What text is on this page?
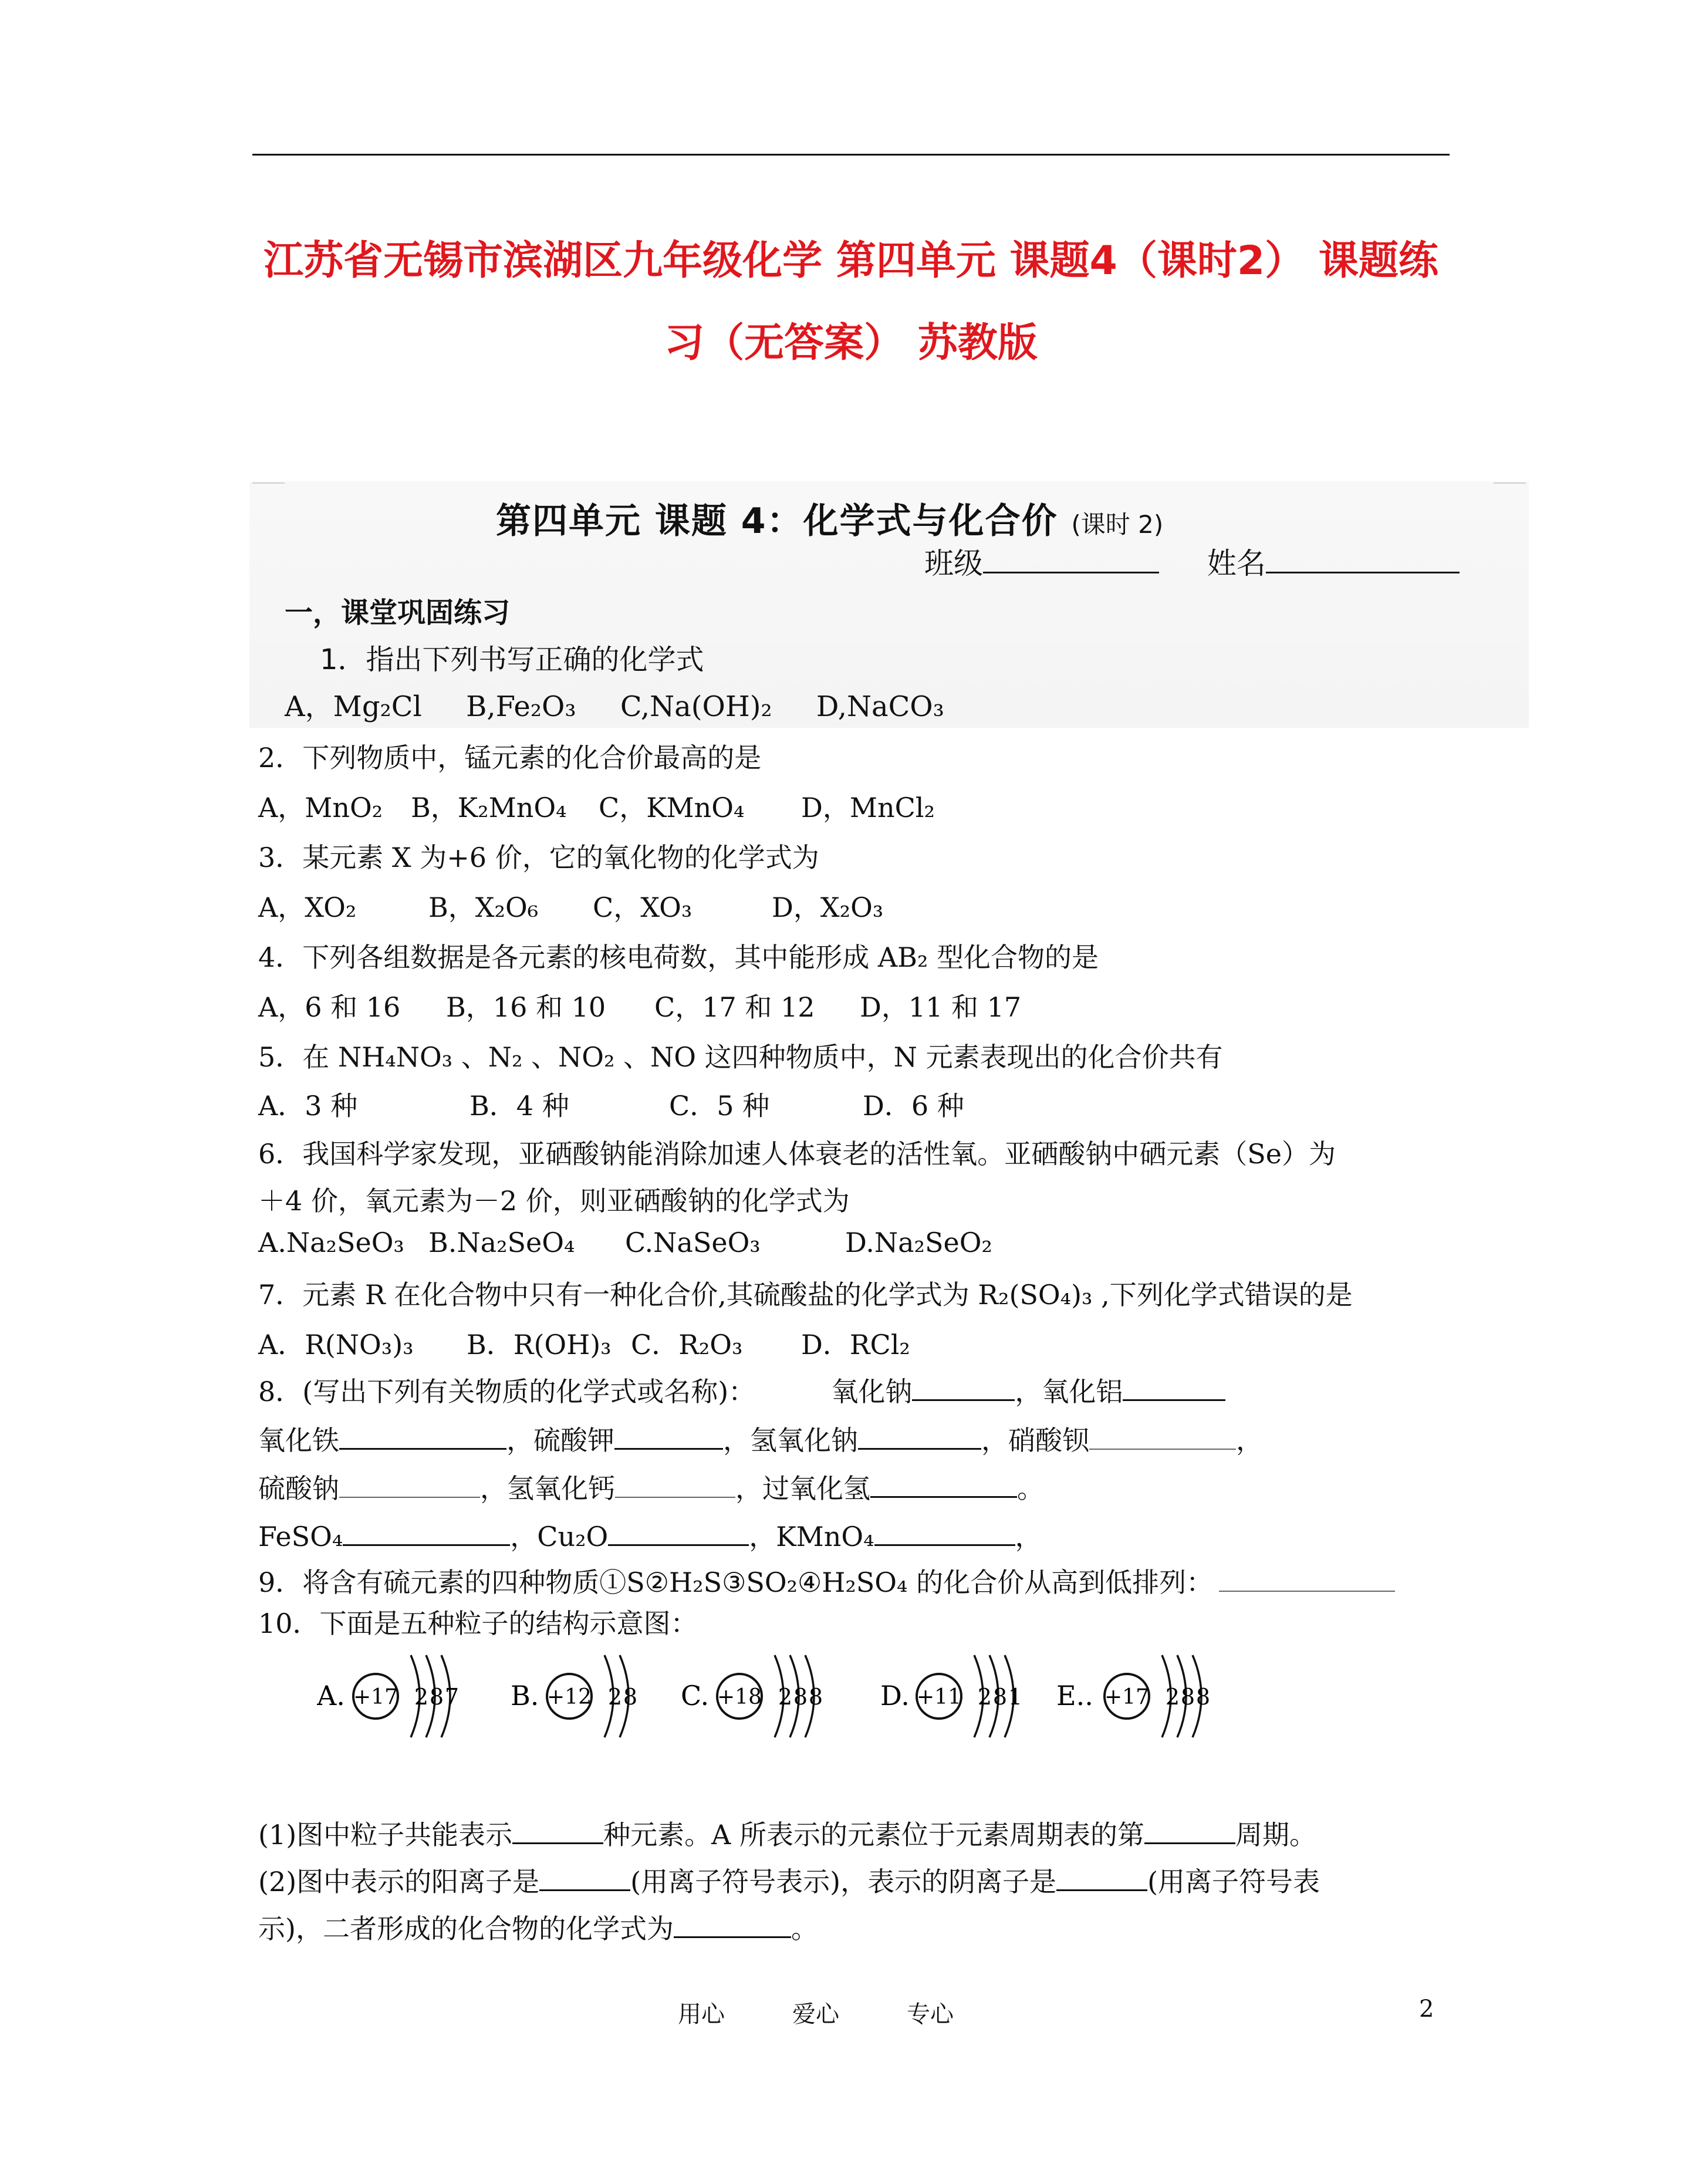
江苏省无锡市滨湖区九年级化学 第四单元 课题4（课时2） 课题练
习（无答案） 苏教版
第四单元 课题 4：化学式与化合价 (课时 2)
班级	姓名
一，课堂巩固练习
1．指出下列书写正确的化学式
A，Mg₂Cl B,Fe₂O₃ C,Na(OH)₂ D,NaCO₃
2．下列物质中，锰元素的化合价最高的是
A，MnO₂ B，K₂MnO₄ C，KMnO₄ D，MnCl₂
3．某元素 X 为+6 价，它的氧化物的化学式为
A，XO₂	B，X₂O₆ C，XO₃	D，X₂O₃
4．下列各组数据是各元素的核电荷数，其中能形成 AB₂ 型化合物的是
A，6 和 16 B，16 和 10 C，17 和 12 D，11 和 17
5．在 NH₄NO₃ 、N₂ 、NO₂ 、NO 这四种物质中，N 元素表现出的化合价共有
A．3 种	B．4 种	C．5 种	D．6 种
6．我国科学家发现，亚硒酸钠能消除加速人体衰老的活性氧。亚硒酸钠中硒元素（Se）为
＋4 价，氧元素为－2 价，则亚硒酸钠的化学式为
A.Na₂SeO₃ B.Na₂SeO₄ C.NaSeO₃	D.Na₂SeO₂
7．元素 R 在化合物中只有一种化合价,其硫酸盐的化学式为 R₂(SO₄)₃ ,下列化学式错误的是
A．R(NO₃)₃ B．R(OH)₃ C．R₂O₃ D．RCl₂
8．(写出下列有关物质的化学式或名称)：	氧化钠	，氧化铝
氧化铁	，硫酸钾	，氢氧化钠	，硝酸钡	，
硫酸钠	，氢氧化钙	，过氧化氢	。
FeSO₄	，Cu₂O	，KMnO₄	，
9．将含有硫元素的四种物质①S②H₂S③SO₂④H₂SO₄ 的化合价从高到低排列：
10．下面是五种粒子的结构示意图：
A. +17 2 8 7 B. +12 2 8 C. +18 2 8 8 D. +11 2 8 1 E.. +17 2 8 8
(1)图中粒子共能表示	种元素。A 所表示的元素位于元素周期表的第	周期。
(2)图中表示的阳离子是	(用离子符号表示)，表示的阴离子是	(用离子符号表
示)，二者形成的化合物的化学式为	。
用心	爱心	专心	2
